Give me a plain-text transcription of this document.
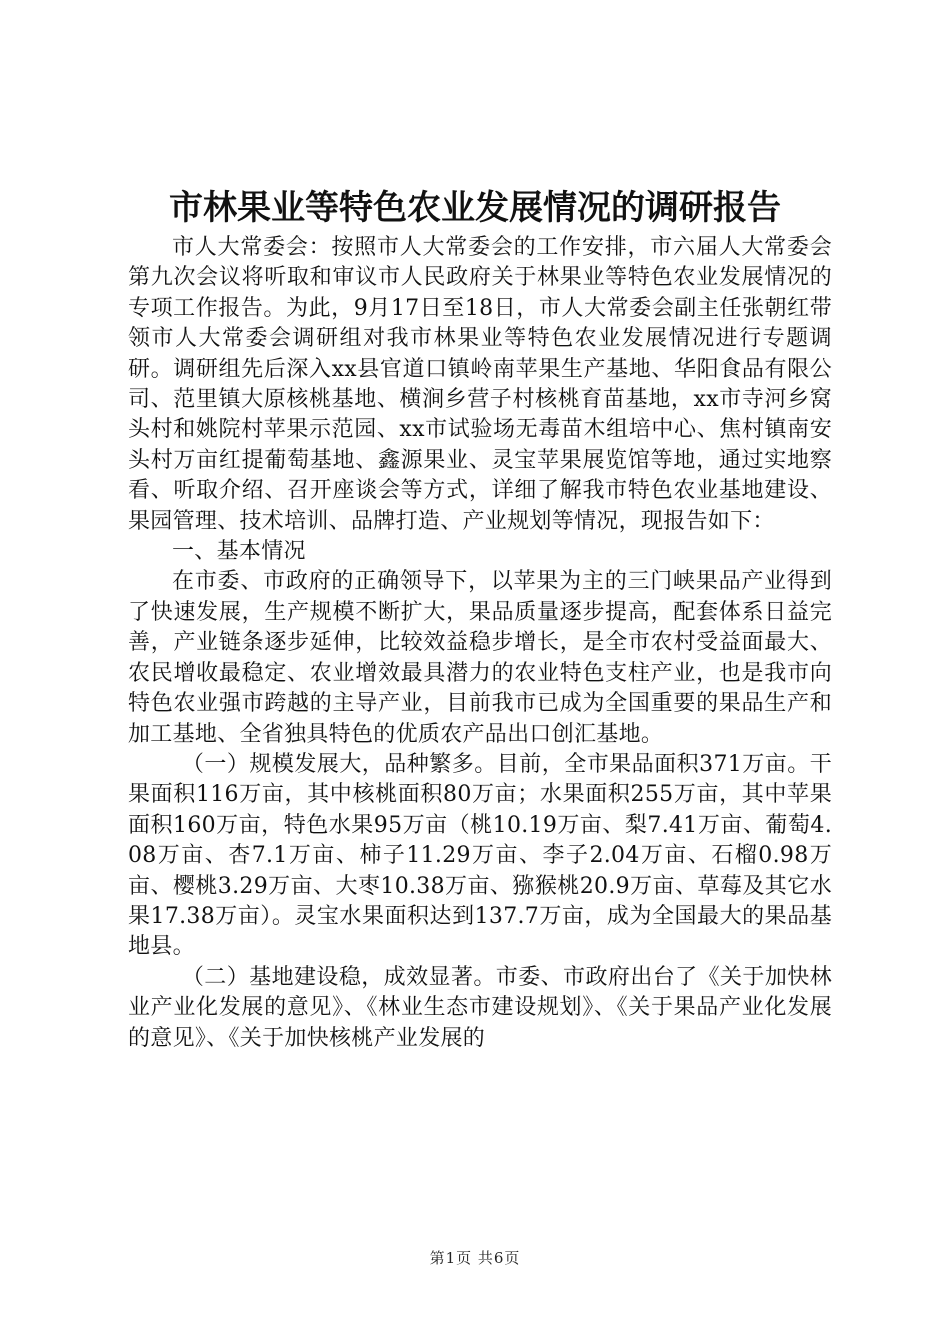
市林果业等特色农业发展情况的调研报告

市人大常委会：按照市人大常委会的工作安排，市六届人大常委会第九次会议将听取和审议市人民政府关于林果业等特色农业发展情况的专项工作报告。为此，9月17日至18日，市人大常委会副主任张朝红带领市人大常委会调研组对我市林果业等特色农业发展情况进行专题调研。调研组先后深入xx县官道口镇岭南苹果生产基地、华阳食品有限公司、范里镇大原核桃基地、横涧乡营子村核桃育苗基地，xx市寺河乡窝头村和姚院村苹果示范园、xx市试验场无毒苗木组培中心、焦村镇南安头村万亩红提葡萄基地、鑫源果业、灵宝苹果展览馆等地，通过实地察看、听取介绍、召开座谈会等方式，详细了解我市特色农业基地建设、果园管理、技术培训、品牌打造、产业规划等情况，现报告如下：

一、基本情况

在市委、市政府的正确领导下，以苹果为主的三门峡果品产业得到了快速发展，生产规模不断扩大，果品质量逐步提高，配套体系日益完善，产业链条逐步延伸，比较效益稳步增长，是全市农村受益面最大、农民增收最稳定、农业增效最具潜力的农业特色支柱产业，也是我市向特色农业强市跨越的主导产业，目前我市已成为全国重要的果品生产和加工基地、全省独具特色的优质农产品出口创汇基地。

（一）规模发展大，品种繁多。目前，全市果品面积371万亩。干果面积116万亩，其中核桃面积80万亩；水果面积255万亩，其中苹果面积160万亩，特色水果95万亩（桃10.19万亩、梨7.41万亩、葡萄4.08万亩、杏7.1万亩、柿子11.29万亩、李子2.04万亩、石榴0.98万亩、樱桃3.29万亩、大枣10.38万亩、猕猴桃20.9万亩、草莓及其它水果17.38万亩）。灵宝水果面积达到137.7万亩，成为全国最大的果品基地县。

（二）基地建设稳，成效显著。市委、市政府出台了《关于加快林业产业化发展的意见》、《林业生态市建设规划》、《关于果品产业化发展的意见》、《关于加快核桃产业发展的

第1页 共6页
